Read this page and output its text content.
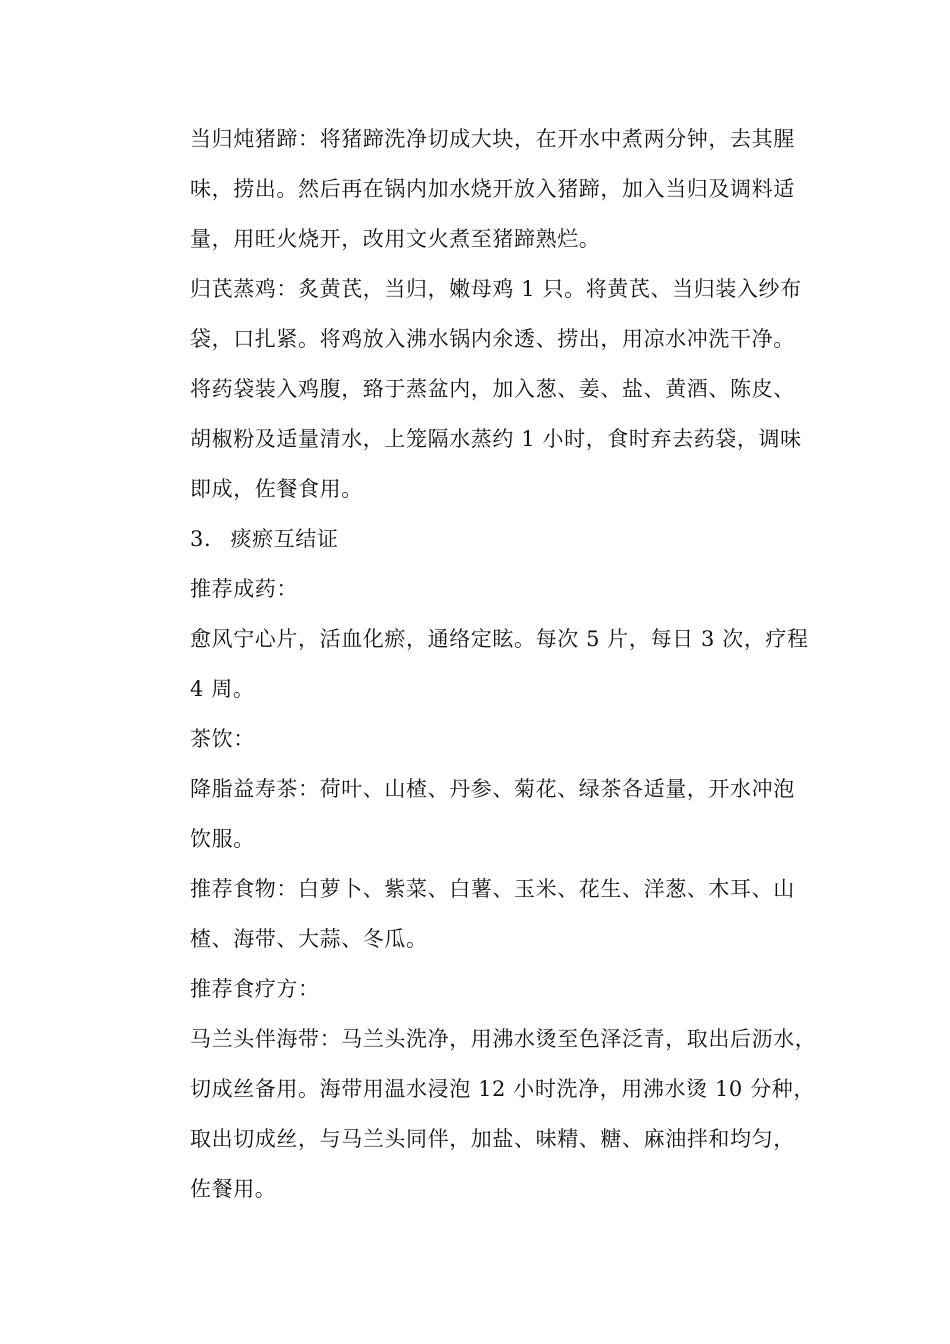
当归炖猪蹄：将猪蹄洗净切成大块，在开水中煮两分钟，去其腥
味，捞出。然后再在锅内加水烧开放入猪蹄，加入当归及调料适
量，用旺火烧开，改用文火煮至猪蹄熟烂。
归芪蒸鸡：炙黄芪，当归，嫩母鸡 1 只。将黄芪、当归装入纱布
袋，口扎紧。将鸡放入沸水锅内氽透、捞出，用凉水冲洗干净。
将药袋装入鸡腹，臵于蒸盆内，加入葱、姜、盐、黄酒、陈皮、
胡椒粉及适量清水，上笼隔水蒸约 1 小时，食时弃去药袋，调味
即成，佐餐食用。
3. 痰瘀互结证
推荐成药：
愈风宁心片，活血化瘀，通络定眩。每次 5 片，每日 3 次，疗程
4 周。
茶饮：
降脂益寿茶：荷叶、山楂、丹参、菊花、绿茶各适量，开水冲泡
饮服。
推荐食物：白萝卜、紫菜、白薯、玉米、花生、洋葱、木耳、山
楂、海带、大蒜、冬瓜。
推荐食疗方：
马兰头伴海带：马兰头洗净，用沸水烫至色泽泛青，取出后沥水，
切成丝备用。海带用温水浸泡 12 小时洗净，用沸水烫 10 分种，
取出切成丝，与马兰头同伴，加盐、味精、糖、麻油拌和均匀，
佐餐用。
